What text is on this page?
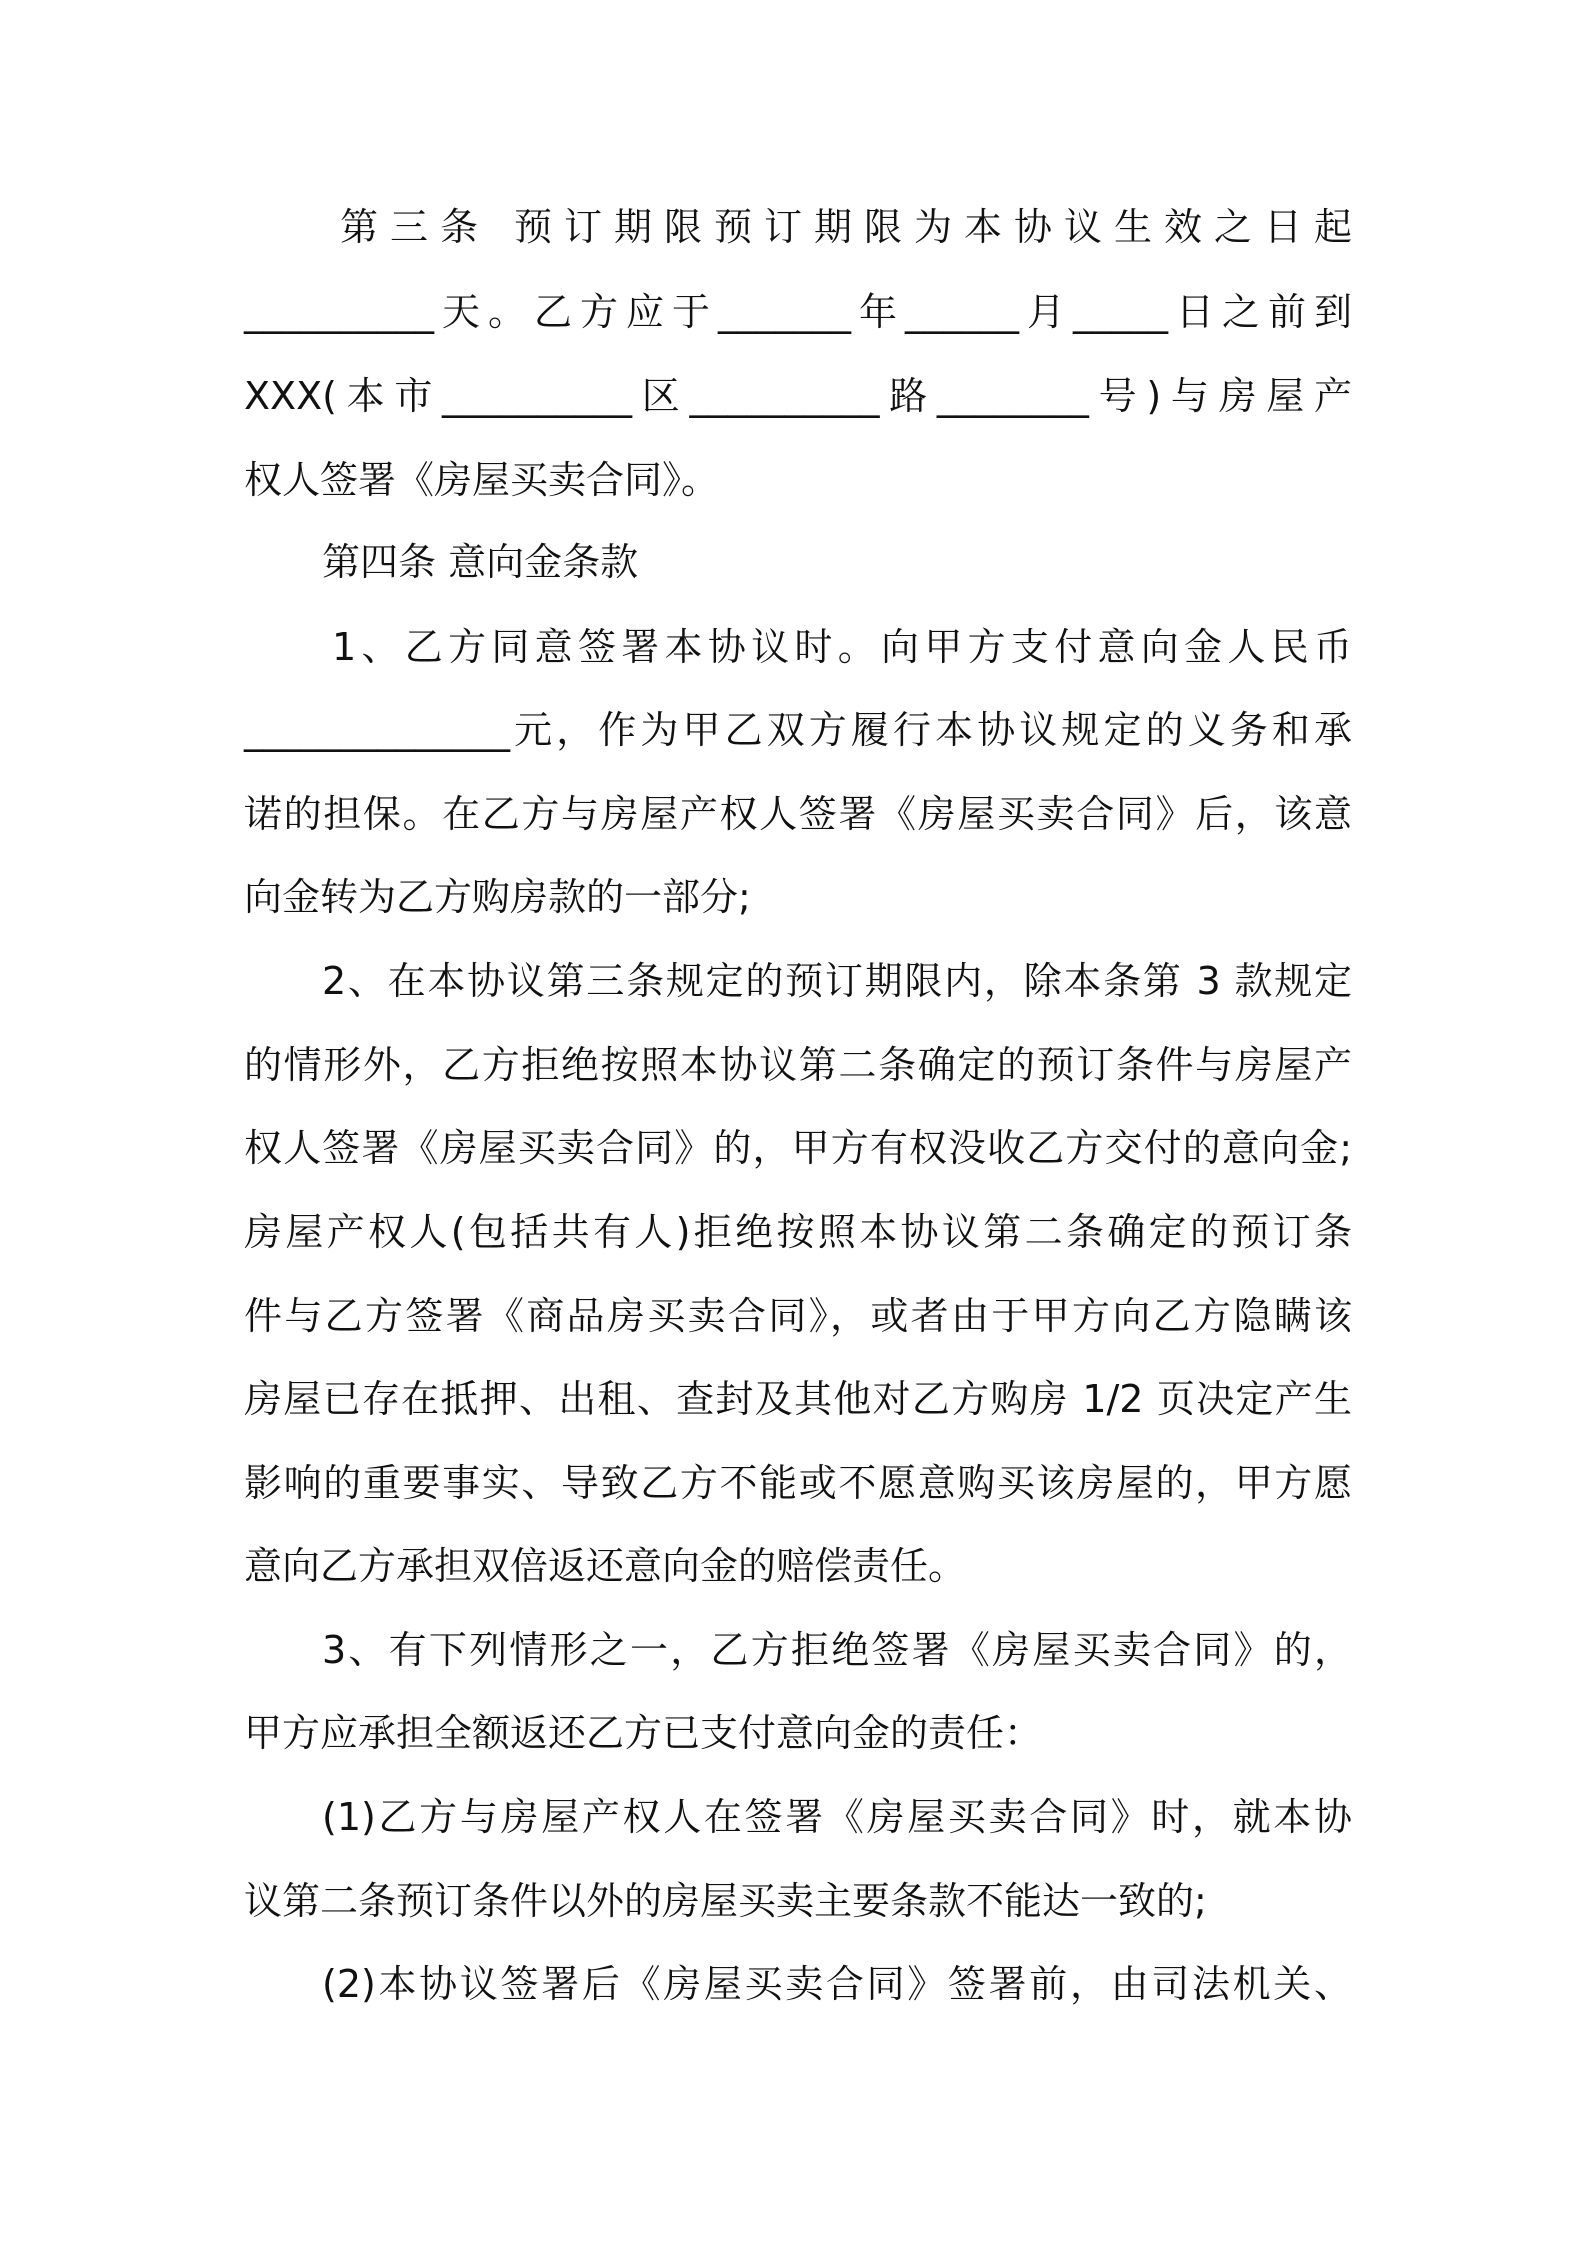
第三条 预订期限预订期限为本协议生效之日起
__________天。乙方应于_______年______月_____日之前到
XXX(本市__________区__________路________号)与房屋产
权人签署《房屋买卖合同》。
第四条 意向金条款
1、乙方同意签署本协议时。向甲方支付意向金人民币
______________元，作为甲乙双方履行本协议规定的义务和承
诺的担保。在乙方与房屋产权人签署《房屋买卖合同》后，该意
向金转为乙方购房款的一部分;
2、在本协议第三条规定的预订期限内，除本条第 3 款规定
的情形外，乙方拒绝按照本协议第二条确定的预订条件与房屋产
权人签署《房屋买卖合同》的，甲方有权没收乙方交付的意向金;
房屋产权人(包括共有人)拒绝按照本协议第二条确定的预订条
件与乙方签署《商品房买卖合同》，或者由于甲方向乙方隐瞒该
房屋已存在抵押、出租、查封及其他对乙方购房 1/2 页决定产生
影响的重要事实、导致乙方不能或不愿意购买该房屋的，甲方愿
意向乙方承担双倍返还意向金的赔偿责任。
3、有下列情形之一，乙方拒绝签署《房屋买卖合同》的，
甲方应承担全额返还乙方已支付意向金的责任：
(1)乙方与房屋产权人在签署《房屋买卖合同》时，就本协
议第二条预订条件以外的房屋买卖主要条款不能达一致的;
(2)本协议签署后《房屋买卖合同》签署前，由司法机关、
